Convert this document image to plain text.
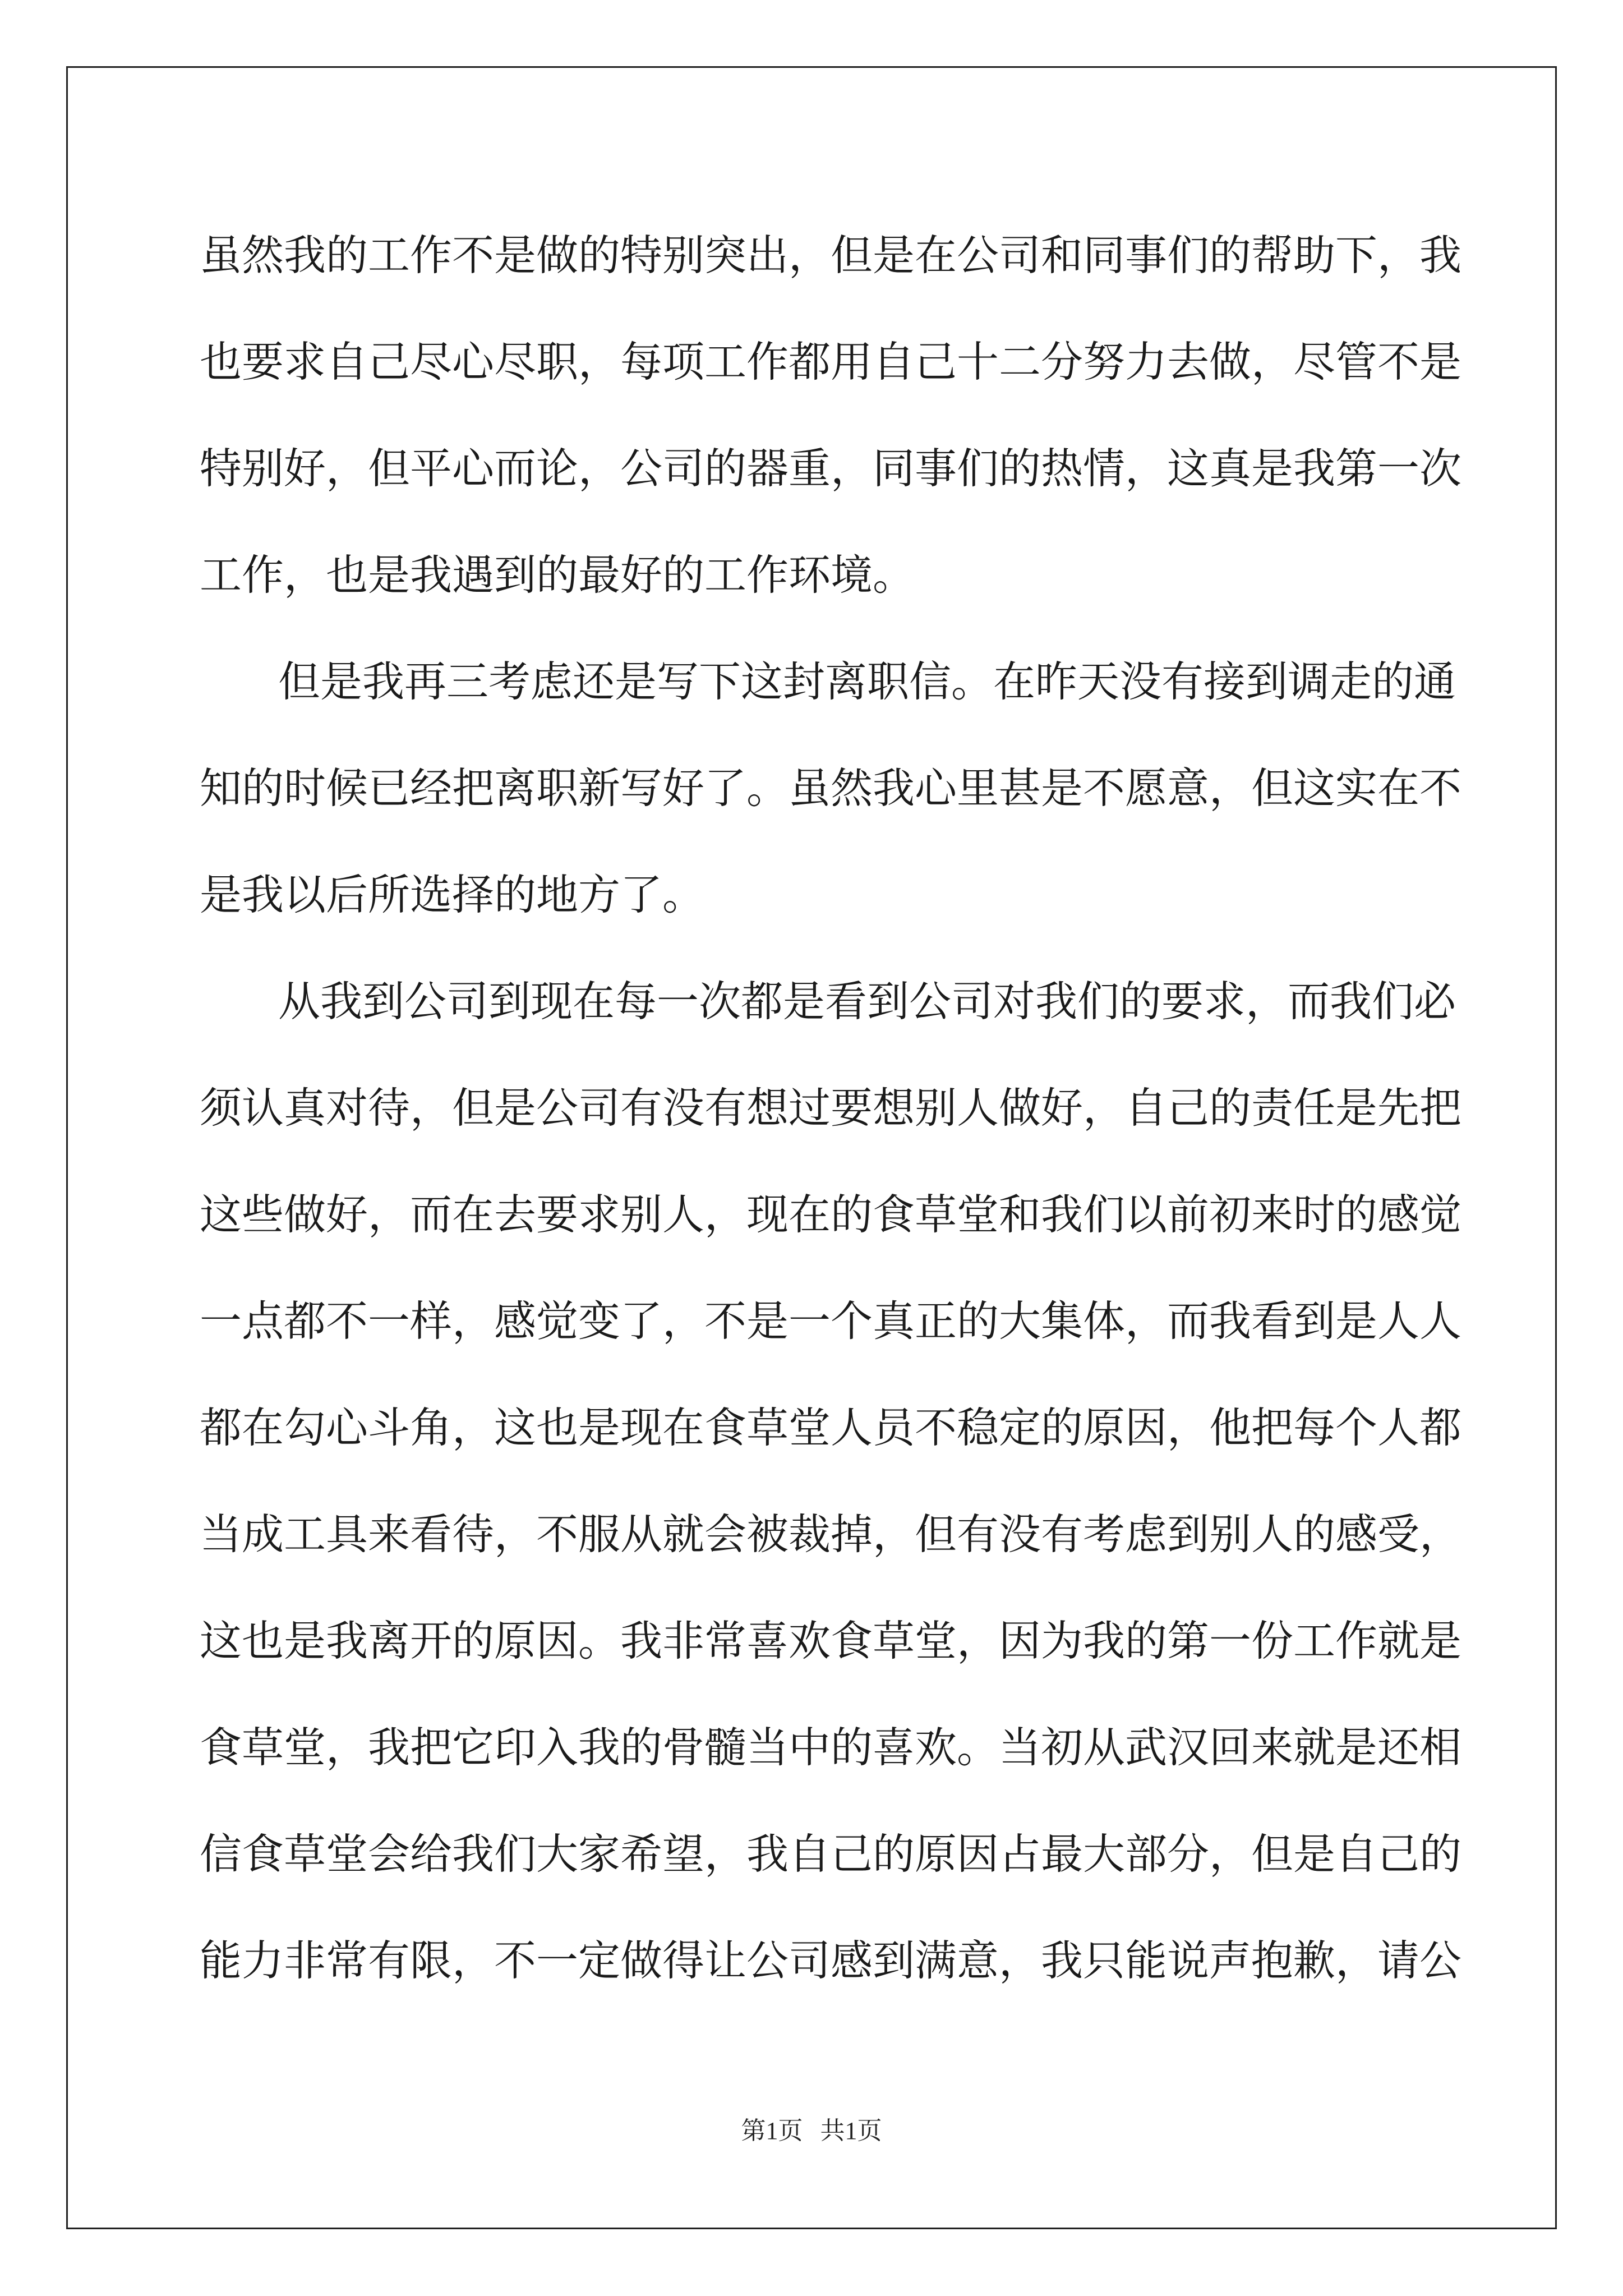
虽然我的工作不是做的特别突出，但是在公司和同事们的帮助下，我
也要求自己尽心尽职，每项工作都用自己十二分努力去做，尽管不是
特别好，但平心而论，公司的器重，同事们的热情，这真是我第一次
工作，也是我遇到的最好的工作环境。
但是我再三考虑还是写下这封离职信。在昨天没有接到调走的通
知的时候已经把离职新写好了。虽然我心里甚是不愿意，但这实在不
是我以后所选择的地方了。
从我到公司到现在每一次都是看到公司对我们的要求，而我们必
须认真对待，但是公司有没有想过要想别人做好，自己的责任是先把
这些做好，而在去要求别人，现在的食草堂和我们以前初来时的感觉
一点都不一样，感觉变了，不是一个真正的大集体，而我看到是人人
都在勾心斗角，这也是现在食草堂人员不稳定的原因，他把每个人都
当成工具来看待，不服从就会被裁掉，但有没有考虑到别人的感受，
这也是我离开的原因。我非常喜欢食草堂，因为我的第一份工作就是
食草堂，我把它印入我的骨髓当中的喜欢。当初从武汉回来就是还相
信食草堂会给我们大家希望，我自己的原因占最大部分，但是自己的
能力非常有限，不一定做得让公司感到满意，我只能说声抱歉，请公
第1页 共1页
